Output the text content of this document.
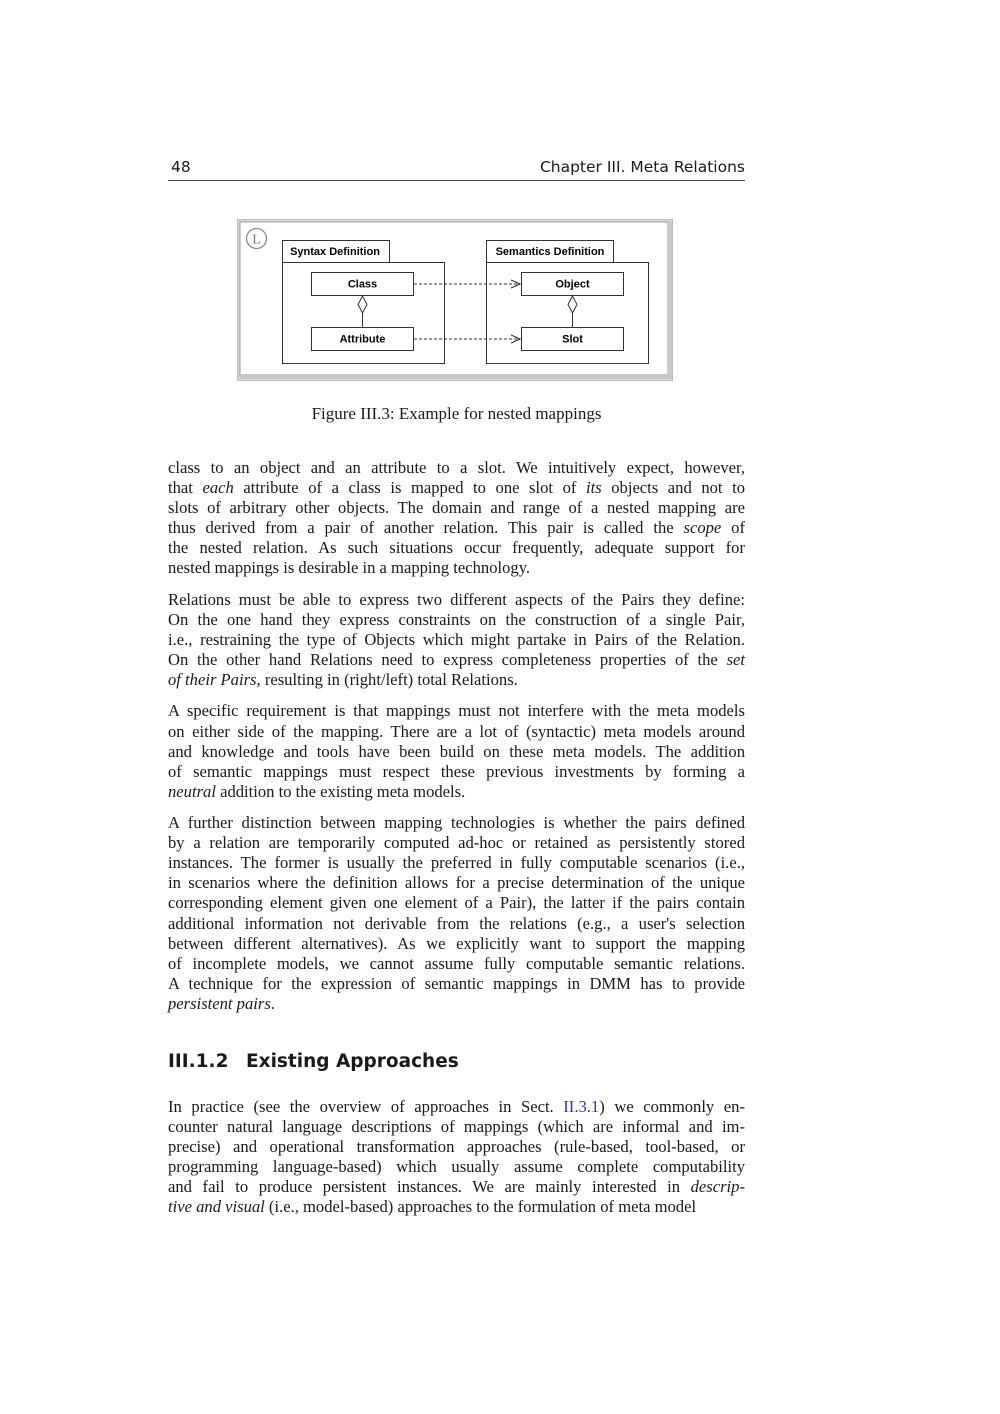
48	Chapter III. Meta Relations
L
Syntax Definition	Semantics Definition
Class
Attribute
Object
Slot
Figure III.3: Example for nested mappings

class to an object and an attribute to a slot. We intuitively expect, however,
that each attribute of a class is mapped to one slot of its objects and not to
slots of arbitrary other objects. The domain and range of a nested mapping are
thus derived from a pair of another relation. This pair is called the scope of
the nested relation. As such situations occur frequently, adequate support for
nested mappings is desirable in a mapping technology.

Relations must be able to express two different aspects of the Pairs they define:
On the one hand they express constraints on the construction of a single Pair,
i.e., restraining the type of Objects which might partake in Pairs of the Relation.
On the other hand Relations need to express completeness properties of the set
of their Pairs, resulting in (right/left) total Relations.

A specific requirement is that mappings must not interfere with the meta models
on either side of the mapping. There are a lot of (syntactic) meta models around
and knowledge and tools have been build on these meta models. The addition
of semantic mappings must respect these previous investments by forming a
neutral addition to the existing meta models.

A further distinction between mapping technologies is whether the pairs defined
by a relation are temporarily computed ad-hoc or retained as persistently stored
instances. The former is usually the preferred in fully computable scenarios (i.e.,
in scenarios where the definition allows for a precise determination of the unique
corresponding element given one element of a Pair), the latter if the pairs contain
additional information not derivable from the relations (e.g., a user's selection
between different alternatives). As we explicitly want to support the mapping
of incomplete models, we cannot assume fully computable semantic relations.
A technique for the expression of semantic mappings in DMM has to provide
persistent pairs.

III.1.2 Existing Approaches

In practice (see the overview of approaches in Sect. II.3.1) we commonly en-
counter natural language descriptions of mappings (which are informal and im-
precise) and operational transformation approaches (rule-based, tool-based, or
programming language-based) which usually assume complete computability
and fail to produce persistent instances. We are mainly interested in descrip-
tive and visual (i.e., model-based) approaches to the formulation of meta model
